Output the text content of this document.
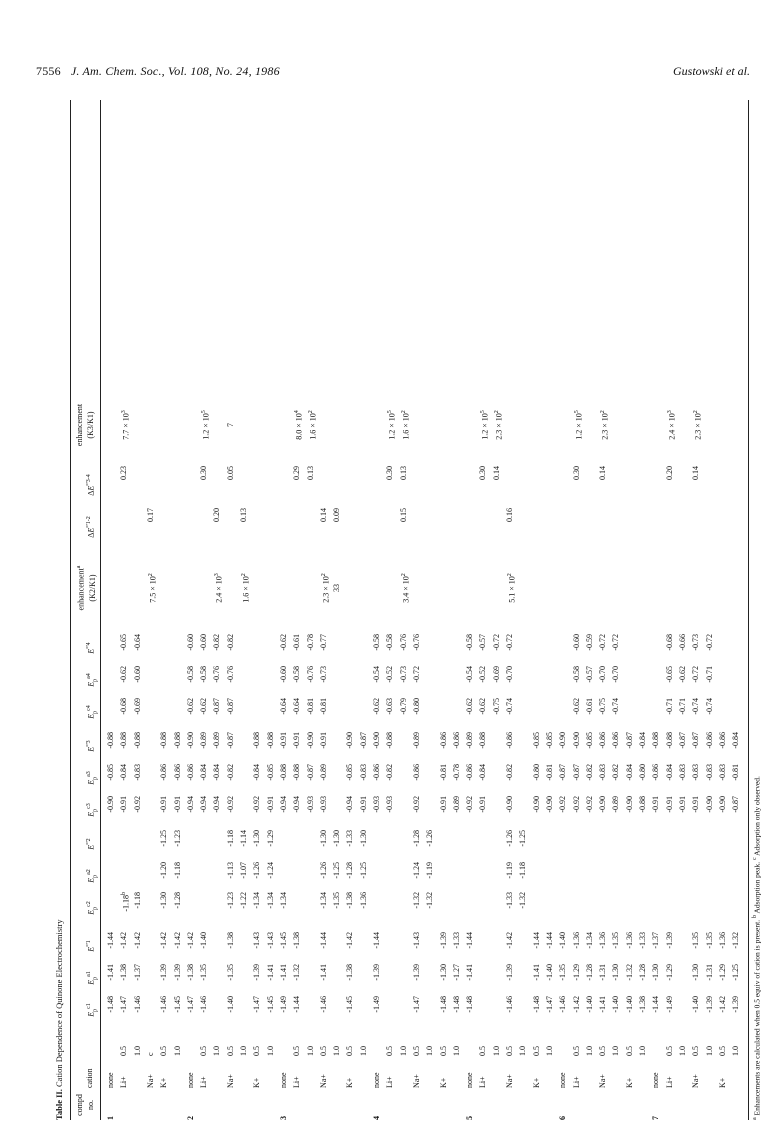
7556 J. Am. Chem. Soc., Vol. 108, No. 24, 1986	Gustowski et al.
Table II. Cation Dependence of Quinone Electrochemistry
compd no.
cation
$E_p^{c1}$
$E_p^{a1}$
$E^{^\circ'1}$
$E_p^{c2}$
$E_p^{a2}$
$E^{^\circ'2}$
$E_p^{c3}$
$E_p^{a3}$
$E^{^\circ'3}$
$E_p^{c4}$
$E_p^{a4}$
$E^{^\circ'4}$
enhancement$^a$
(K2/K1)
$\Delta E^{^\circ'1-2}$
$\Delta E^{^\circ'3-4}$
enhancement (K3/K1)
1
none
-1.48
-1.41
-1.44
-0.90
-0.85
-0.88
Li+
0.5
-1.47
-1.38
-1.42
-1.18$^b$
-0.91
-0.84
-0.88
-0.68
-0.62
-0.65
0.23
$7.7 \times 10^3$
1.0
-1.46
-1.37
-1.42
-1.18
-0.92
-0.83
-0.88
-0.69
-0.60
-0.64
Na+
c
$7.5 \times 10^2$
0.17
K+
0.5
-1.46
-1.39
-1.42
-1.30
-1.20
-1.25
-0.91
-0.86
-0.88
1.0
-1.45
-1.39
-1.42
-1.28
-1.18
-1.23
-0.91
-0.86
-0.88
2
none
-1.47
-1.38
-1.42
-0.94
-0.86
-0.90
-0.62
-0.58
-0.60
Li+
0.5
-1.46
-1.35
-1.40
-0.94
-0.84
-0.89
-0.62
-0.58
-0.60
0.30
$1.2 \times 10^5$
1.0
-0.94
-0.84
-0.89
-0.87
-0.76
-0.82
$2.4 \times 10^3$
0.20
Na+
0.5
-1.40
-1.35
-1.38
-1.23
-1.13
-1.18
-0.92
-0.82
-0.87
-0.87
-0.76
-0.82
0.05
7
1.0
-1.22
-1.07
-1.14
$1.6 \times 10^2$
0.13
K+
0.5
-1.47
-1.39
-1.43
-1.34
-1.26
-1.30
-0.92
-0.84
-0.88
1.0
-1.45
-1.41
-1.43
-1.34
-1.24
-1.29
-0.91
-0.85
-0.88
3
none
-1.49
-1.41
-1.45
-1.34
-0.94
-0.88
-0.91
-0.64
-0.60
-0.62
Li+
0.5
-1.44
-1.32
-1.38
-0.94
-0.88
-0.91
-0.64
-0.58
-0.61
0.29
$8.0 \times 10^4$
1.0
-0.93
-0.87
-0.90
-0.81
-0.76
-0.78
0.13
$1.6 \times 10^2$
Na+
0.5
-1.46
-1.41
-1.44
-1.34
-1.26
-1.30
-0.93
-0.89
-0.91
-0.81
-0.73
-0.77
$2.3 \times 10^2$
0.14
1.0
-1.35
-1.25
-1.30
33
0.09
K+
0.5
-1.45
-1.38
-1.42
-1.38
-1.28
-1.33
-0.94
-0.85
-0.90
1.0
-1.36
-1.25
-1.30
-0.91
-0.83
-0.87
4
none
-1.49
-1.39
-1.44
-0.93
-0.86
-0.90
-0.62
-0.54
-0.58
Li+
0.5
-0.93
-0.82
-0.88
-0.63
-0.52
-0.58
0.30
$1.2 \times 10^5$
1.0
-0.79
-0.73
-0.76
$3.4 \times 10^2$
0.15
0.13
$1.6 \times 10^2$
Na+
0.5
-1.47
-1.39
-1.43
-1.32
-1.24
-1.28
-0.92
-0.86
-0.89
-0.80
-0.72
-0.76
1.0
-1.32
-1.19
-1.26
K+
0.5
-1.48
-1.30
-1.39
-0.91
-0.81
-0.86
1.0
-1.48
-1.27
-1.33
-0.89
-0.78
-0.86
5
none
-1.48
-1.41
-1.44
-0.92
-0.86
-0.89
-0.62
-0.54
-0.58
Li+
0.5
-0.91
-0.84
-0.88
-0.62
-0.52
-0.57
0.30
$1.2 \times 10^5$
1.0
-0.75
-0.69
-0.72
0.14
$2.3 \times 10^2$
Na+
0.5
-1.46
-1.39
-1.42
-1.33
-1.19
-1.26
-0.90
-0.82
-0.86
-0.74
-0.70
-0.72
$5.1 \times 10^2$
0.16
1.0
-1.32
-1.18
-1.25
K+
0.5
-1.48
-1.41
-1.44
-0.90
-0.80
-0.85
1.0
-1.47
-1.40
-1.44
-0.90
-0.81
-0.85
6
none
-1.46
-1.35
-1.40
-0.92
-0.87
-0.90
Li+
0.5
-1.42
-1.29
-1.36
-0.92
-0.87
-0.90
-0.62
-0.58
-0.60
0.30
$1.2 \times 10^5$
1.0
-1.40
-1.28
-1.34
-0.92
-0.82
-0.85
-0.61
-0.57
-0.59
Na+
0.5
-1.41
-1.31
-1.36
-0.90
-0.83
-0.86
-0.75
-0.70
-0.72
0.14
$2.3 \times 10^2$
1.0
-1.40
-1.30
-1.35
-0.89
-0.82
-0.86
-0.74
-0.70
-0.72
K+
0.5
-1.40
-1.32
-1.36
-0.90
-0.84
-0.87
1.0
-1.38
-1.28
-1.33
-0.88
-0.80
-0.84
7
none
-1.44
-1.30
-1.37
-0.91
-0.86
-0.88
Li+
0.5
-1.49
-1.29
-1.39
-0.91
-0.84
-0.88
-0.71
-0.65
-0.68
0.20
$2.4 \times 10^3$
1.0
-0.91
-0.83
-0.87
-0.71
-0.62
-0.66
Na+
0.5
-1.40
-1.30
-1.35
-0.91
-0.83
-0.87
-0.74
-0.72
-0.73
0.14
$2.3 \times 10^2$
1.0
-1.39
-1.31
-1.35
-0.90
-0.83
-0.86
-0.74
-0.71
-0.72
K+
0.5
-1.42
-1.29
-1.36
-0.90
-0.83
-0.86
1.0
-1.39
-1.25
-1.32
-0.87
-0.81
-0.84
$^a$ Enhancements are calculated when 0.5 equiv of cation is present. $^b$ Adsorption peak. $^c$ Adsorption only observed.
